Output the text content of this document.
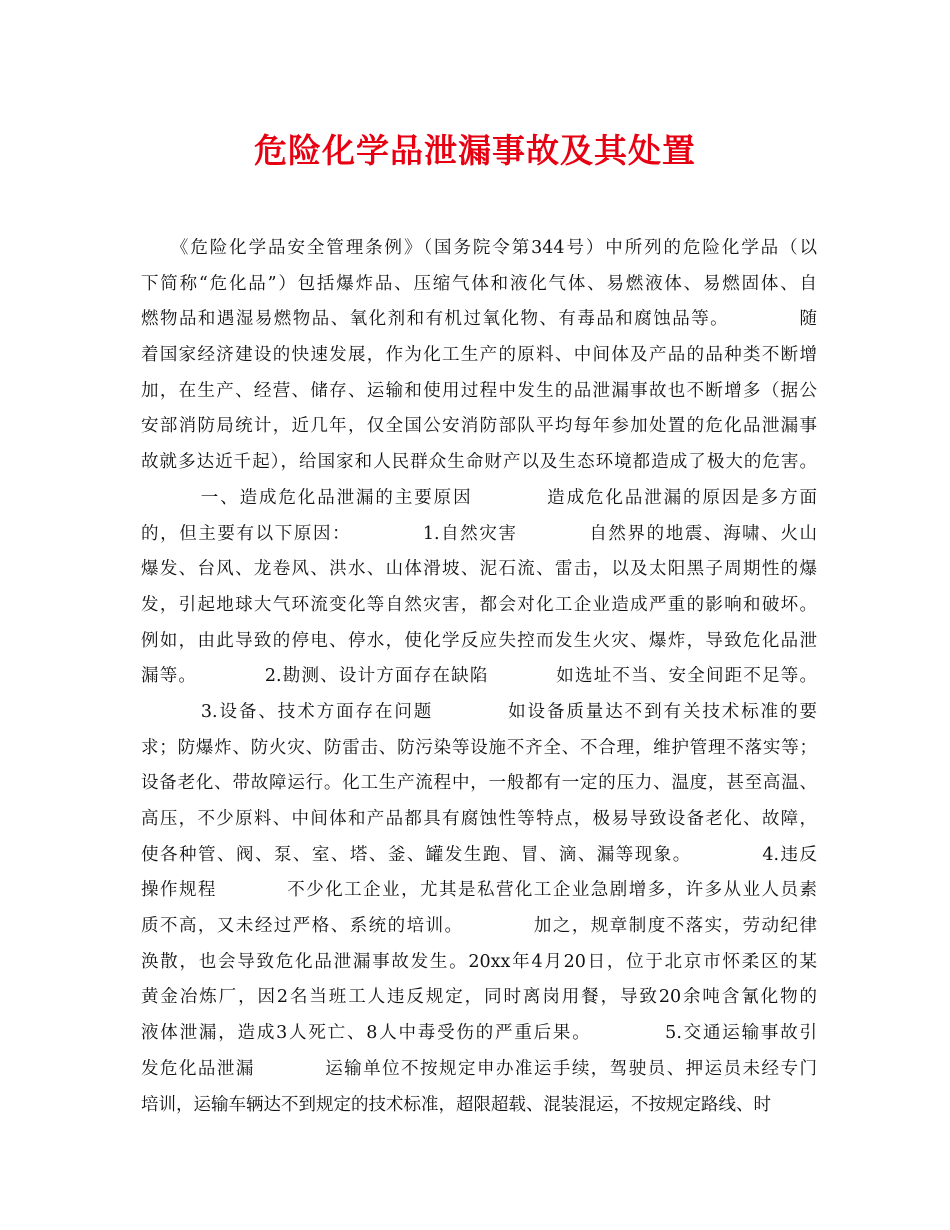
危险化学品泄漏事故及其处置
《危险化学品安全管理条例》（国务院令第344号）中所列的危险化学品（以
下简称“危化品”）包括爆炸品、压缩气体和液化气体、易燃液体、易燃固体、自
燃物品和遇湿易燃物品、氧化剂和有机过氧化物、有毒品和腐蚀品等。          随
着国家经济建设的快速发展，作为化工生产的原料、中间体及产品的品种类不断增
加，在生产、经营、储存、运输和使用过程中发生的品泄漏事故也不断增多（据公
安部消防局统计，近几年，仅全国公安消防部队平均每年参加处置的危化品泄漏事
故就多达近千起），给国家和人民群众生命财产以及生态环境都造成了极大的危害。
一、造成危化品泄漏的主要原因          造成危化品泄漏的原因是多方面
的，但主要有以下原因：          1.自然灾害          自然界的地震、海啸、火山
爆发、台风、龙卷风、洪水、山体滑坡、泥石流、雷击，以及太阳黑子周期性的爆
发，引起地球大气环流变化等自然灾害，都会对化工企业造成严重的影响和破坏。
例如，由此导致的停电、停水，使化学反应失控而发生火灾、爆炸，导致危化品泄
漏等。          2.勘测、设计方面存在缺陷          如选址不当、安全间距不足等。
3.设备、技术方面存在问题          如设备质量达不到有关技术标准的要
求；防爆炸、防火灾、防雷击、防污染等设施不齐全、不合理，维护管理不落实等；
设备老化、带故障运行。化工生产流程中，一般都有一定的压力、温度，甚至高温、
高压，不少原料、中间体和产品都具有腐蚀性等特点，极易导致设备老化、故障，
使各种管、阀、泵、室、塔、釜、罐发生跑、冒、滴、漏等现象。          4.违反
操作规程          不少化工企业，尤其是私营化工企业急剧增多，许多从业人员素
质不高，又未经过严格、系统的培训。          加之，规章制度不落实，劳动纪律
涣散，也会导致危化品泄漏事故发生。20xx年4月20日，位于北京市怀柔区的某
黄金冶炼厂，因2名当班工人违反规定，同时离岗用餐，导致20余吨含氰化物的
液体泄漏，造成3人死亡、8人中毒受伤的严重后果。          5.交通运输事故引
发危化品泄漏          运输单位不按规定申办准运手续，驾驶员、押运员未经专门
培训，运输车辆达不到规定的技术标准，超限超载、混装混运，不按规定路线、时
